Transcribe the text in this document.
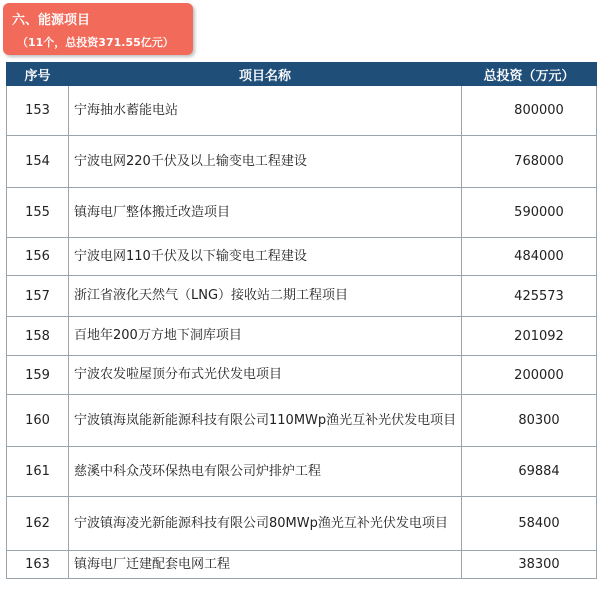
六、能源项目
（11个，总投资371.55亿元）
序号	项目名称	总投资（万元）
153	宁海抽水蓄能电站	800000
154	宁波电网220千伏及以上输变电工程建设	768000
155	镇海电厂整体搬迁改造项目	590000
156	宁波电网110千伏及以下输变电工程建设	484000
157	浙江省液化天然气（LNG）接收站二期工程项目	425573
158	百地年200万方地下洞库项目	201092
159	宁波农发啦屋顶分布式光伏发电项目	200000
160	宁波镇海岚能新能源科技有限公司110MWp渔光互补光伏发电项目	80300
161	慈溪中科众茂环保热电有限公司炉排炉工程	69884
162	宁波镇海凌光新能源科技有限公司80MWp渔光互补光伏发电项目	58400
163	镇海电厂迁建配套电网工程	38300
